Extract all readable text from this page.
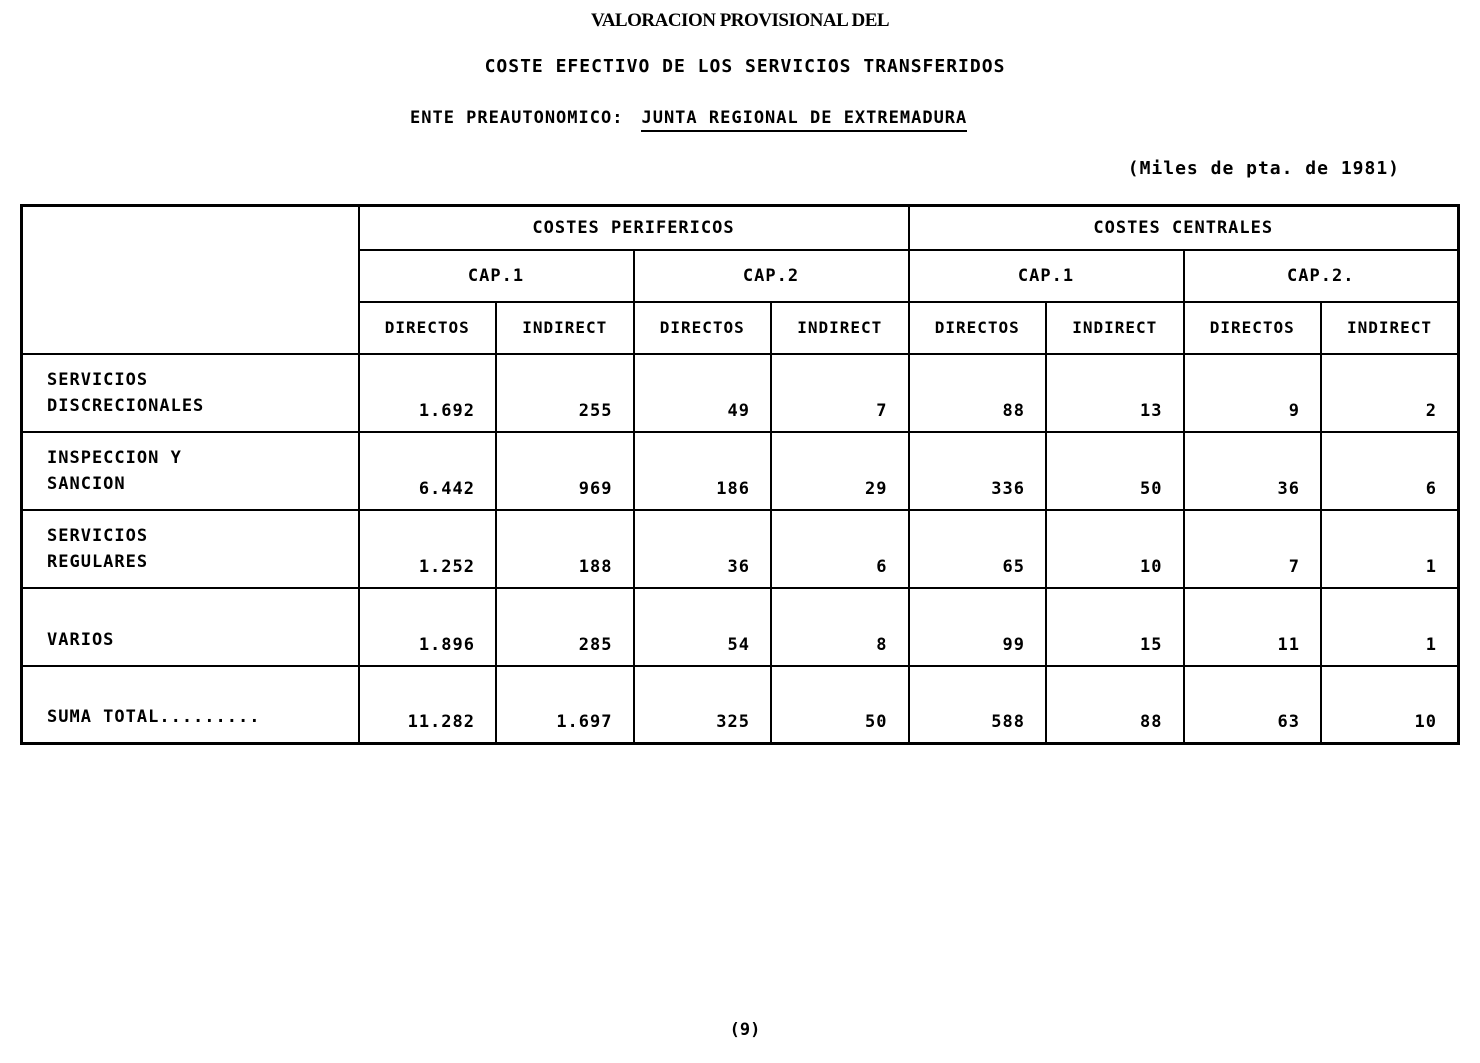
VALORACION PROVISIONAL DEL
COSTE EFECTIVO DE LOS SERVICIOS TRANSFERIDOS
ENTE PREAUTONOMICO: JUNTA REGIONAL DE EXTREMADURA
(Miles de pta. de 1981)
	COSTES PERIFERICOS				COSTES CENTRALES			
	CAP.1		CAP.2		CAP.1		CAP.2.	
	DIRECTOS	INDIRECT	DIRECTOS	INDIRECT	DIRECTOS	INDIRECT	DIRECTOS	INDIRECT

SERVICIOS
DISCRECIONALES	1.692	255	49	7	88	13	9	2

INSPECCION Y
SANCION	6.442	969	186	29	336	50	36	6

SERVICIOS
REGULARES	1.252	188	36	6	65	10	7	1

VARIOS	1.896	285	54	8	99	15	11	1

SUMA TOTAL.........	11.282	1.697	325	50	588	88	63	10
(9)
